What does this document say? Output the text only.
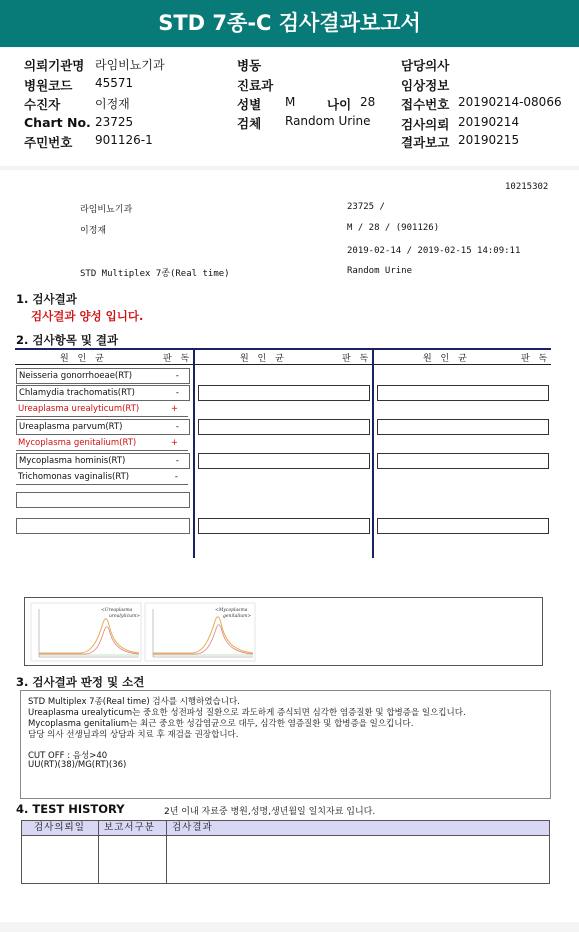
STD 7종-C 검사결과보고서
의뢰기관명 라임비뇨기과
병원코드 45571
수진자	이정재
Chart No. 23725
주민번호 901126-1
병동
진료과
성별 M	나이 28
검체 Random Urine
담당의사
임상정보
접수번호 20190214-08066
검사의뢰 20190214
결과보고 20190215
10215302
라임비뇨기과	23725 /
이정재	M / 28 / (901126)
2019-02-14 / 2019-02-15 14:09:11
STD Multiplex 7종(Real time)	Random Urine
1. 검사결과
검사결과 양성 입니다.
2. 검사항목 및 결과
원 인 균	판 독	원 인 균	판 독	원 인 균	판 독
Neisseria gonorrhoeae(RT)	-
Chlamydia trachomatis(RT)	-
Ureaplasma urealyticum(RT)	+
Ureaplasma parvum(RT)	-
Mycoplasma genitalium(RT)	+
Mycoplasma hominis(RT)	-
Trichomonas vaginalis(RT)	-
<Ureaplasma
urealyticum>
<Mycoplasma
genitalium>
3. 검사결과 판정 및 소견
STD Multiplex 7종(Real time) 검사를 시행하였습니다.
Ureaplasma urealyticum는 중요한 성전파성 질환으로 과도하게 증식되면 심각한 염증질환 및 합병증을 일으킵니다.
Mycoplasma genitalium는 최근 중요한 성감염균으로 대두, 심각한 염증질환 및 합병증을 일으킵니다.
담당 의사 선생님과의 상담과 치료 후 재검을 권장합니다.
CUT OFF : 음성>40
UU(RT)(38)/MG(RT)(36)
4. TEST HISTORY	2년 이내 자료중 병원,성명,생년월일 일치자료 입니다.
검사의뢰일 보고서구분 검사결과
